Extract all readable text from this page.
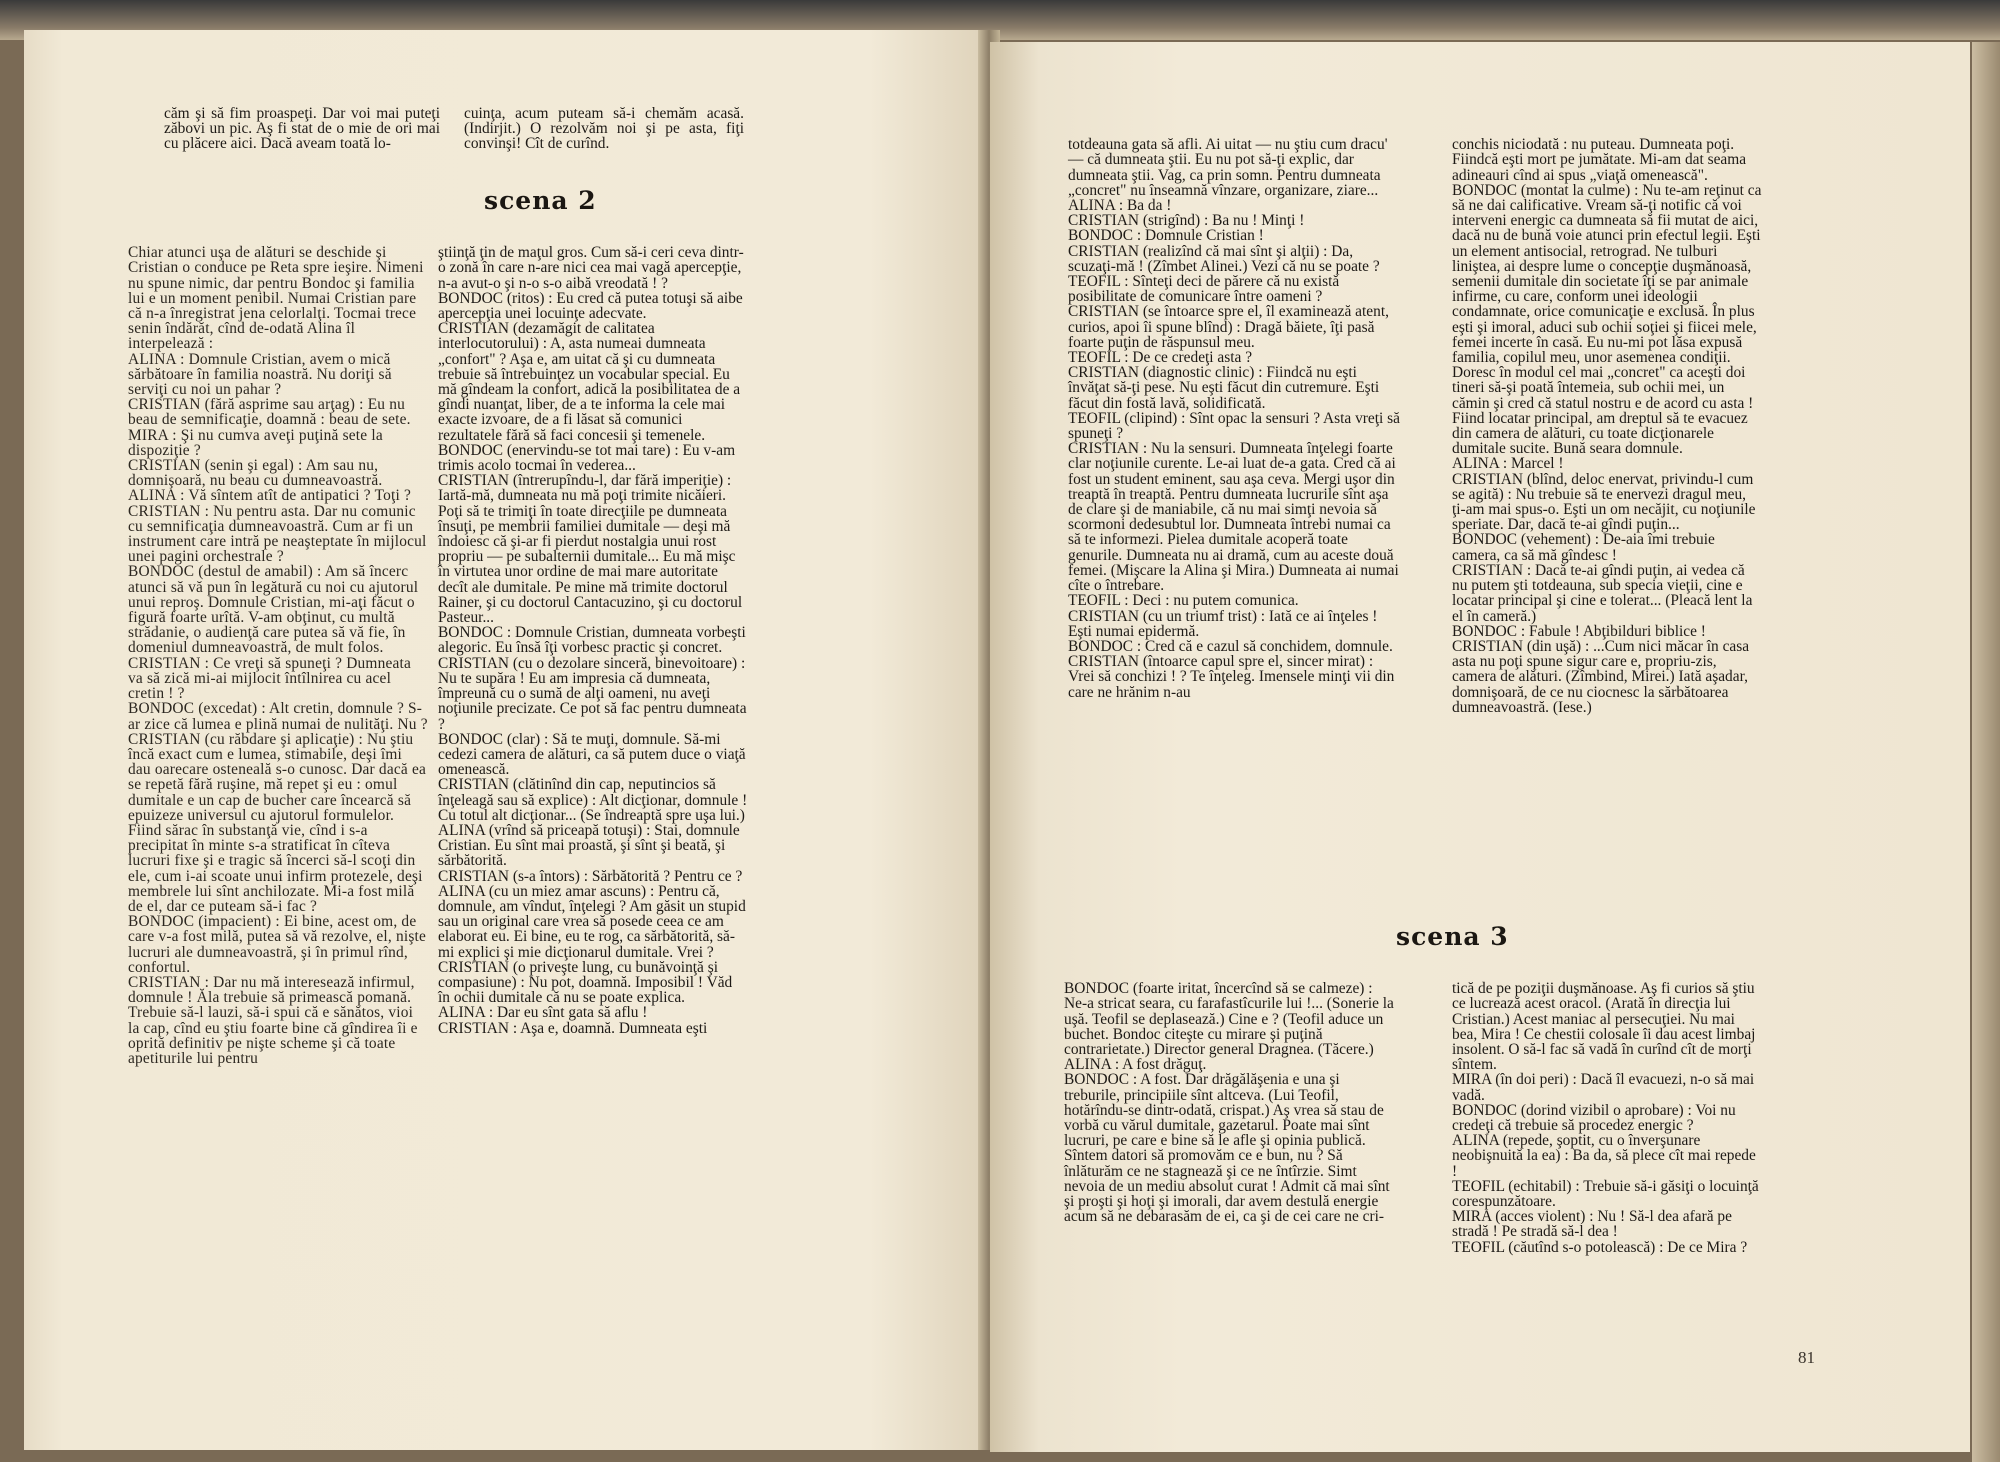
căm şi să fim proaspeţi. Dar voi mai puteţi zăbovi un pic. Aş fi stat de o mie de ori mai cu plăcere aici. Dacă aveam toată lo-

cuinţa, acum puteam să-i chemăm acasă. (Indirjit.) O rezolvăm noi şi pe asta, fiţi convinşi! Cît de curînd.

scena 2

Chiar atunci uşa de alături se deschide şi Cristian o conduce pe Reta spre ieşire. Nimeni nu spune nimic, dar pentru Bondoc şi familia lui e un moment penibil. Numai Cristian pare că n-a înregistrat jena celorlalţi. Tocmai trece senin îndărăt, cînd de-odată Alina îl interpelează :
ALINA : Domnule Cristian, avem o mică sărbătoare în familia noastră. Nu doriţi să serviţi cu noi un pahar ?
CRISTIAN (fără asprime sau arţag) : Eu nu beau de semnificaţie, doamnă : beau de sete.
MIRA : Şi nu cumva aveţi puţină sete la dispoziţie ?
CRISTIAN (senin şi egal) : Am sau nu, domnişoară, nu beau cu dumneavoastră.
ALINA : Vă sîntem atît de antipatici ? Toţi ?
CRISTIAN : Nu pentru asta. Dar nu comunic cu semnificaţia dumneavoastră. Cum ar fi un instrument care intră pe neaşteptate în mijlocul unei pagini orchestrale ?
BONDOC (destul de amabil) : Am să încerc atunci să vă pun în legătură cu noi cu ajutorul unui reproş. Domnule Cristian, mi-aţi făcut o figură foarte urîtă. V-am obţinut, cu multă strădanie, o audienţă care putea să vă fie, în domeniul dumneavoastră, de mult folos.
CRISTIAN : Ce vreţi să spuneţi ? Dumneata va să zică mi-ai mijlocit întîlnirea cu acel cretin ! ?
BONDOC (excedat) : Alt cretin, domnule ? S-ar zice că lumea e plină numai de nulităţi. Nu ?
CRISTIAN (cu răbdare şi aplicaţie) : Nu ştiu încă exact cum e lumea, stimabile, deşi îmi dau oarecare osteneală s-o cunosc. Dar dacă ea se repetă fără ruşine, mă repet şi eu : omul dumitale e un cap de bucher care încearcă să epuizeze universul cu ajutorul formulelor. Fiind sărac în substanţă vie, cînd i s-a precipitat în minte s-a stratificat în cîteva lucruri fixe şi e tragic să încerci să-l scoţi din ele, cum i-ai scoate unui infirm protezele, deşi membrele lui sînt anchilozate. Mi-a fost milă de el, dar ce puteam să-i fac ?
BONDOC (impacient) : Ei bine, acest om, de care v-a fost milă, putea să vă rezolve, el, nişte lucruri ale dumneavoastră, şi în primul rînd, confortul.
CRISTIAN : Dar nu mă interesează infirmul, domnule ! Ăla trebuie să primească pomană. Trebuie să-l lauzi, să-i spui că e sănătos, vioi la cap, cînd eu ştiu foarte bine că gîndirea îi e oprită definitiv pe nişte scheme şi că toate apetiturile lui pentru

ştiinţă ţin de maţul gros. Cum să-i ceri ceva dintr-o zonă în care n-are nici cea mai vagă apercepţie, n-a avut-o şi n-o s-o aibă vreodată ! ?
BONDOC (ritos) : Eu cred că putea totuşi să aibe apercepţia unei locuinţe adecvate.
CRISTIAN (dezamăgit de calitatea interlocutorului) : A, asta numeai dumneata „confort" ? Aşa e, am uitat că şi cu dumneata trebuie să întrebuinţez un vocabular special. Eu mă gîndeam la confort, adică la posibilitatea de a gîndi nuanţat, liber, de a te informa la cele mai exacte izvoare, de a fi lăsat să comunici rezultatele fără să faci concesii şi temenele.
BONDOC (enervindu-se tot mai tare) : Eu v-am trimis acolo tocmai în vederea...
CRISTIAN (întrerupîndu-l, dar fără imperiţie) : Iartă-mă, dumneata nu mă poţi trimite nicăieri. Poţi să te trimiţi în toate direcţiile pe dumneata însuţi, pe membrii familiei dumitale — deşi mă îndoiesc că şi-ar fi pierdut nostalgia unui rost propriu — pe subalternii dumitale... Eu mă mişc în virtutea unor ordine de mai mare autoritate decît ale dumitale. Pe mine mă trimite doctorul Rainer, şi cu doctorul Cantacuzino, şi cu doctorul Pasteur...
BONDOC : Domnule Cristian, dumneata vorbeşti alegoric. Eu însă îţi vorbesc practic şi concret.
CRISTIAN (cu o dezolare sinceră, binevoitoare) : Nu te supăra ! Eu am impresia că dumneata, împreună cu o sumă de alţi oameni, nu aveţi noţiunile precizate. Ce pot să fac pentru dumneata ?
BONDOC (clar) : Să te muţi, domnule. Să-mi cedezi camera de alături, ca să putem duce o viaţă omenească.
CRISTIAN (clătinînd din cap, neputincios să înţeleagă sau să explice) : Alt dicţionar, domnule ! Cu totul alt dicţionar... (Se îndreaptă spre uşa lui.)
ALINA (vrînd să priceapă totuşi) : Stai, domnule Cristian. Eu sînt mai proastă, şi sînt şi beată, şi sărbătorită.
CRISTIAN (s-a întors) : Sărbătorită ? Pentru ce ?
ALINA (cu un miez amar ascuns) : Pentru că, domnule, am vîndut, înţelegi ? Am găsit un stupid sau un original care vrea să posede ceea ce am elaborat eu. Ei bine, eu te rog, ca sărbătorită, să-mi explici şi mie dicţionarul dumitale. Vrei ?
CRISTIAN (o priveşte lung, cu bunăvoinţă şi compasiune) : Nu pot, doamnă. Imposibil ! Văd în ochii dumitale că nu se poate explica.
ALINA : Dar eu sînt gata să aflu !
CRISTIAN : Aşa e, doamnă. Dumneata eşti

totdeauna gata să afli. Ai uitat — nu ştiu cum dracu' — că dumneata ştii. Eu nu pot să-ţi explic, dar dumneata ştii. Vag, ca prin somn. Pentru dumneata „concret" nu înseamnă vînzare, organizare, ziare...
ALINA : Ba da !
CRISTIAN (strigînd) : Ba nu ! Minţi !
BONDOC : Domnule Cristian !
CRISTIAN (realizînd că mai sînt şi alţii) : Da, scuzaţi-mă ! (Zîmbet Alinei.) Vezi că nu se poate ?
TEOFIL : Sînteţi deci de părere că nu există posibilitate de comunicare între oameni ?
CRISTIAN (se întoarce spre el, îl examinează atent, curios, apoi îi spune blînd) : Dragă băiete, îţi pasă foarte puţin de răspunsul meu.
TEOFIL : De ce credeţi asta ?
CRISTIAN (diagnostic clinic) : Fiindcă nu eşti învăţat să-ţi pese. Nu eşti făcut din cutremure. Eşti făcut din fostă lavă, solidificată.
TEOFIL (clipind) : Sînt opac la sensuri ? Asta vreţi să spuneţi ?
CRISTIAN : Nu la sensuri. Dumneata înţelegi foarte clar noţiunile curente. Le-ai luat de-a gata. Cred că ai fost un student eminent, sau aşa ceva. Mergi uşor din treaptă în treaptă. Pentru dumneata lucrurile sînt aşa de clare şi de maniabile, că nu mai simţi nevoia să scormoni dedesubtul lor. Dumneata întrebi numai ca să te informezi. Pielea dumitale acoperă toate genurile. Dumneata nu ai dramă, cum au aceste două femei. (Mişcare la Alina şi Mira.) Dumneata ai numai cîte o întrebare.
TEOFIL : Deci : nu putem comunica.
CRISTIAN (cu un triumf trist) : Iată ce ai înţeles ! Eşti numai epidermă.
BONDOC : Cred că e cazul să conchidem, domnule.
CRISTIAN (întoarce capul spre el, sincer mirat) : Vrei să conchizi ! ? Te înţeleg. Imensele minţi vii din care ne hrănim n-au

conchis niciodată : nu puteau. Dumneata poţi. Fiindcă eşti mort pe jumătate. Mi-am dat seama adineauri cînd ai spus „viaţă omenească".
BONDOC (montat la culme) : Nu te-am reţinut ca să ne dai calificative. Vream să-ţi notific că voi interveni energic ca dumneata să fii mutat de aici, dacă nu de bună voie atunci prin efectul legii. Eşti un element antisocial, retrograd. Ne tulburi liniştea, ai despre lume o concepţie duşmănoasă, semenii dumitale din societate îţi se par animale infirme, cu care, conform unei ideologii condamnate, orice comunicaţie e exclusă. În plus eşti şi imoral, aduci sub ochii soţiei şi fiicei mele, femei incerte în casă. Eu nu-mi pot lăsa expusă familia, copilul meu, unor asemenea condiţii. Doresc în modul cel mai „concret" ca aceşti doi tineri să-şi poată întemeia, sub ochii mei, un cămin şi cred că statul nostru e de acord cu asta ! Fiind locatar principal, am dreptul să te evacuez din camera de alături, cu toate dicţionarele dumitale sucite. Bună seara domnule.
ALINA : Marcel !
CRISTIAN (blînd, deloc enervat, privindu-l cum se agită) : Nu trebuie să te enervezi dragul meu, ţi-am mai spus-o. Eşti un om necăjit, cu noţiunile speriate. Dar, dacă te-ai gîndi puţin...
BONDOC (vehement) : De-aia îmi trebuie camera, ca să mă gîndesc !
CRISTIAN : Dacă te-ai gîndi puţin, ai vedea că nu putem şti totdeauna, sub specia vieţii, cine e locatar principal şi cine e tolerat... (Pleacă lent la el în cameră.)
BONDOC : Fabule ! Abţibilduri biblice !
CRISTIAN (din uşă) : ...Cum nici măcar în casa asta nu poţi spune sigur care e, propriu-zis, camera de alături. (Zîmbind, Mirei.) Iată aşadar, domnişoară, de ce nu ciocnesc la sărbătoarea dumneavoastră. (Iese.)

scena 3

BONDOC (foarte iritat, încercînd să se calmeze) : Ne-a stricat seara, cu farafastîcurile lui !... (Sonerie la uşă. Teofil se deplasează.) Cine e ? (Teofil aduce un buchet. Bondoc citeşte cu mirare şi puţină contrarietate.) Director general Dragnea. (Tăcere.)
ALINA : A fost drăguţ.
BONDOC : A fost. Dar drăgălăşenia e una şi treburile, principiile sînt altceva. (Lui Teofil, hotărîndu-se dintr-odată, crispat.) Aş vrea să stau de vorbă cu vărul dumitale, gazetarul. Poate mai sînt lucruri, pe care e bine să le afle şi opinia publică. Sîntem datori să promovăm ce e bun, nu ? Să înlăturăm ce ne stagnează şi ce ne întîrzie. Simt nevoia de un mediu absolut curat ! Admit că mai sînt şi proşti şi hoţi şi imorali, dar avem destulă energie acum să ne debarasăm de ei, ca şi de cei care ne cri-

tică de pe poziţii duşmănoase. Aş fi curios să ştiu ce lucrează acest oracol. (Arată în direcţia lui Cristian.) Acest maniac al persecuţiei. Nu mai bea, Mira ! Ce chestii colosale îi dau acest limbaj insolent. O să-l fac să vadă în curînd cît de morţi sîntem.
MIRA (în doi peri) : Dacă îl evacuezi, n-o să mai vadă.
BONDOC (dorind vizibil o aprobare) : Voi nu credeţi că trebuie să procedez energic ?
ALINA (repede, şoptit, cu o înverşunare neobişnuită la ea) : Ba da, să plece cît mai repede !
TEOFIL (echitabil) : Trebuie să-i găsiţi o locuinţă corespunzătoare.
MIRA (acces violent) : Nu ! Să-l dea afară pe stradă ! Pe stradă să-l dea !
TEOFIL (căutînd s-o potolească) : De ce Mira ?

81
